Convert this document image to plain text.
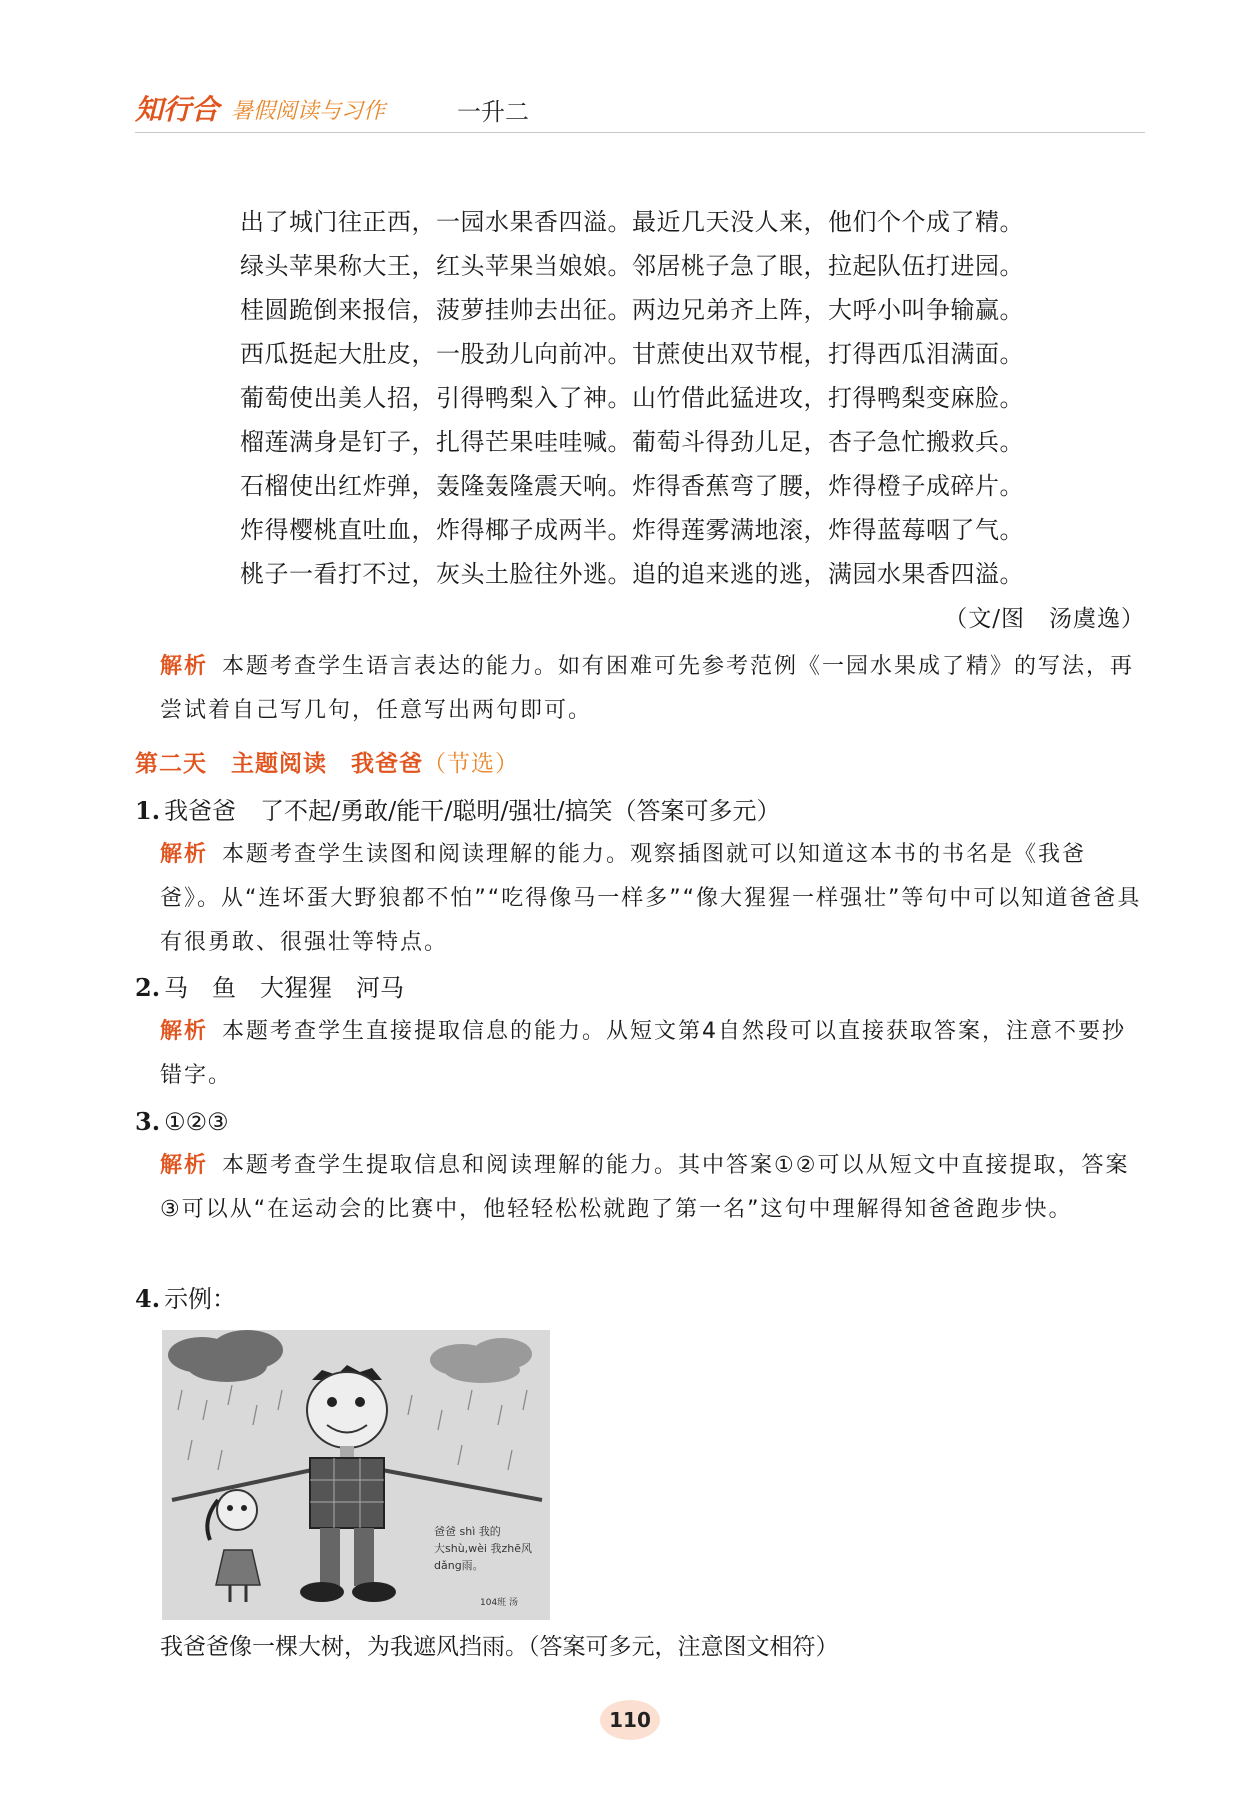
知行合 暑假阅读与习作	一升二
出了城门往正西，一园水果香四溢。最近几天没人来，他们个个成了精。
绿头苹果称大王，红头苹果当娘娘。邻居桃子急了眼，拉起队伍打进园。
桂圆跪倒来报信，菠萝挂帅去出征。两边兄弟齐上阵，大呼小叫争输赢。
西瓜挺起大肚皮，一股劲儿向前冲。甘蔗使出双节棍，打得西瓜泪满面。
葡萄使出美人招，引得鸭梨入了神。山竹借此猛进攻，打得鸭梨变麻脸。
榴莲满身是钉子，扎得芒果哇哇喊。葡萄斗得劲儿足，杏子急忙搬救兵。
石榴使出红炸弹，轰隆轰隆震天响。炸得香蕉弯了腰，炸得橙子成碎片。
炸得樱桃直吐血，炸得椰子成两半。炸得莲雾满地滚，炸得蓝莓咽了气。
桃子一看打不过，灰头土脸往外逃。追的追来逃的逃，满园水果香四溢。
（文/图　汤虞逸）
解析 本题考查学生语言表达的能力。如有困难可先参考范例《一园水果成了精》的写法，再尝试着自己写几句，任意写出两句即可。
第二天　主题阅读　我爸爸（节选）
1. 我爸爸　了不起/勇敢/能干/聪明/强壮/搞笑（答案可多元）
解析 本题考查学生读图和阅读理解的能力。观察插图就可以知道这本书的书名是《我爸爸》。从“连坏蛋大野狼都不怕”“吃得像马一样多”“像大猩猩一样强壮”等句中可以知道爸爸具有很勇敢、很强壮等特点。
2. 马　鱼　大猩猩　河马
解析 本题考查学生直接提取信息的能力。从短文第4自然段可以直接获取答案，注意不要抄错字。
3. ①②③
解析 本题考查学生提取信息和阅读理解的能力。其中答案①②可以从短文中直接提取，答案③可以从“在运动会的比赛中，他轻轻松松就跑了第一名”这句中理解得知爸爸跑步快。
4. 示例：
爸爸 shì 我的
大shù,wèi 我zhē风
dǎng雨。
104班 汤
我爸爸像一棵大树，为我遮风挡雨。（答案可多元，注意图文相符）
110
